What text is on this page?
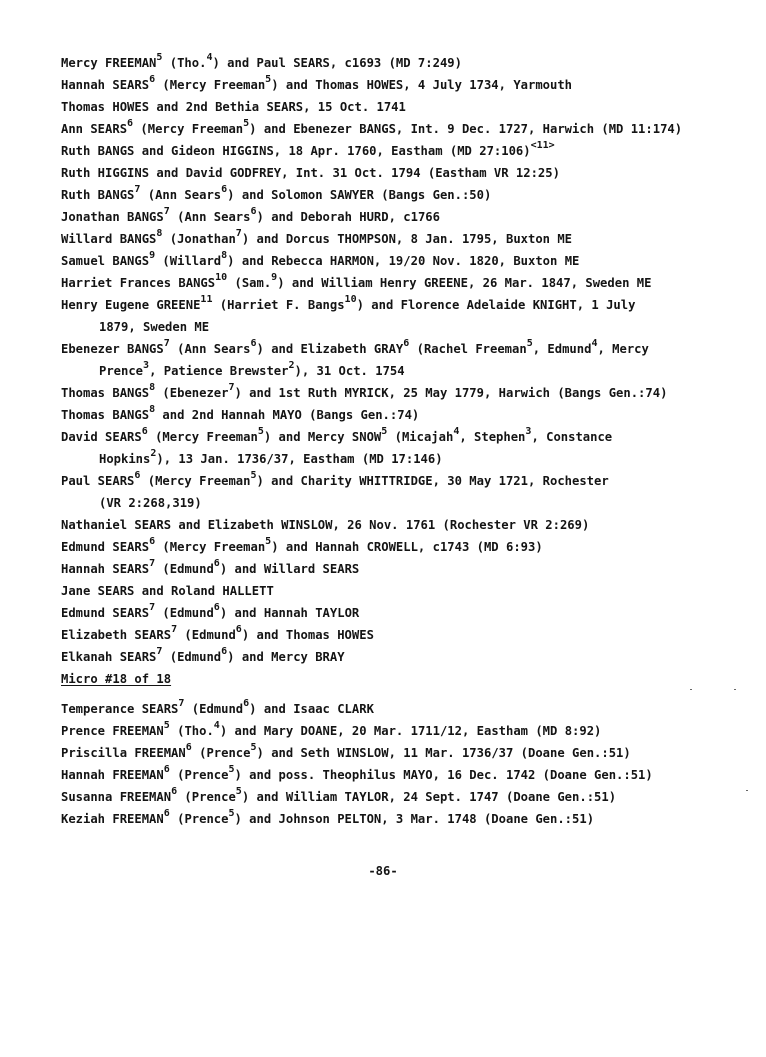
Mercy FREEMAN$^5$ (Tho.$^4$) and Paul SEARS, c1693 (MD 7:249)
Hannah SEARS$^6$ (Mercy Freeman$^5$) and Thomas HOWES, 4 July 1734, Yarmouth
Thomas HOWES and 2nd Bethia SEARS, 15 Oct. 1741
Ann SEARS$^6$ (Mercy Freeman$^5$) and Ebenezer BANGS, Int. 9 Dec. 1727, Harwich (MD 11:174)
Ruth BANGS and Gideon HIGGINS, 18 Apr. 1760, Eastham (MD 27:106)$^{<11>}$
Ruth HIGGINS and David GODFREY, Int. 31 Oct. 1794 (Eastham VR 12:25)
Ruth BANGS$^7$ (Ann Sears$^6$) and Solomon SAWYER (Bangs Gen.:50)
Jonathan BANGS$^7$ (Ann Sears$^6$) and Deborah HURD, c1766
Willard BANGS$^8$ (Jonathan$^7$) and Dorcus THOMPSON, 8 Jan. 1795, Buxton ME
Samuel BANGS$^9$ (Willard$^8$) and Rebecca HARMON, 19/20 Nov. 1820, Buxton ME
Harriet Frances BANGS$^{10}$ (Sam.$^9$) and William Henry GREENE, 26 Mar. 1847, Sweden ME
Henry Eugene GREENE$^{11}$ (Harriet F. Bangs$^{10}$) and Florence Adelaide KNIGHT, 1 July
1879, Sweden ME
Ebenezer BANGS$^7$ (Ann Sears$^6$) and Elizabeth GRAY$^6$ (Rachel Freeman$^5$, Edmund$^4$, Mercy
Prence$^3$, Patience Brewster$^2$), 31 Oct. 1754
Thomas BANGS$^8$ (Ebenezer$^7$) and 1st Ruth MYRICK, 25 May 1779, Harwich (Bangs Gen.:74)
Thomas BANGS$^8$ and 2nd Hannah MAYO (Bangs Gen.:74)
David SEARS$^6$ (Mercy Freeman$^5$) and Mercy SNOW$^5$ (Micajah$^4$, Stephen$^3$, Constance
Hopkins$^2$), 13 Jan. 1736/37, Eastham (MD 17:146)
Paul SEARS$^6$ (Mercy Freeman$^5$) and Charity WHITTRIDGE, 30 May 1721, Rochester
(VR 2:268,319)
Nathaniel SEARS and Elizabeth WINSLOW, 26 Nov. 1761 (Rochester VR 2:269)
Edmund SEARS$^6$ (Mercy Freeman$^5$) and Hannah CROWELL, c1743 (MD 6:93)
Hannah SEARS$^7$ (Edmund$^6$) and Willard SEARS
Jane SEARS and Roland HALLETT
Edmund SEARS$^7$ (Edmund$^6$) and Hannah TAYLOR
Elizabeth SEARS$^7$ (Edmund$^6$) and Thomas HOWES
Elkanah SEARS$^7$ (Edmund$^6$) and Mercy BRAY
Micro #18 of 18
Temperance SEARS$^7$ (Edmund$^6$) and Isaac CLARK
Prence FREEMAN$^5$ (Tho.$^4$) and Mary DOANE, 20 Mar. 1711/12, Eastham (MD 8:92)
Priscilla FREEMAN$^6$ (Prence$^5$) and Seth WINSLOW, 11 Mar. 1736/37 (Doane Gen.:51)
Hannah FREEMAN$^6$ (Prence$^5$) and poss. Theophilus MAYO, 16 Dec. 1742 (Doane Gen.:51)
Susanna FREEMAN$^6$ (Prence$^5$) and William TAYLOR, 24 Sept. 1747 (Doane Gen.:51)
Keziah FREEMAN$^6$ (Prence$^5$) and Johnson PELTON, 3 Mar. 1748 (Doane Gen.:51)
-86-
